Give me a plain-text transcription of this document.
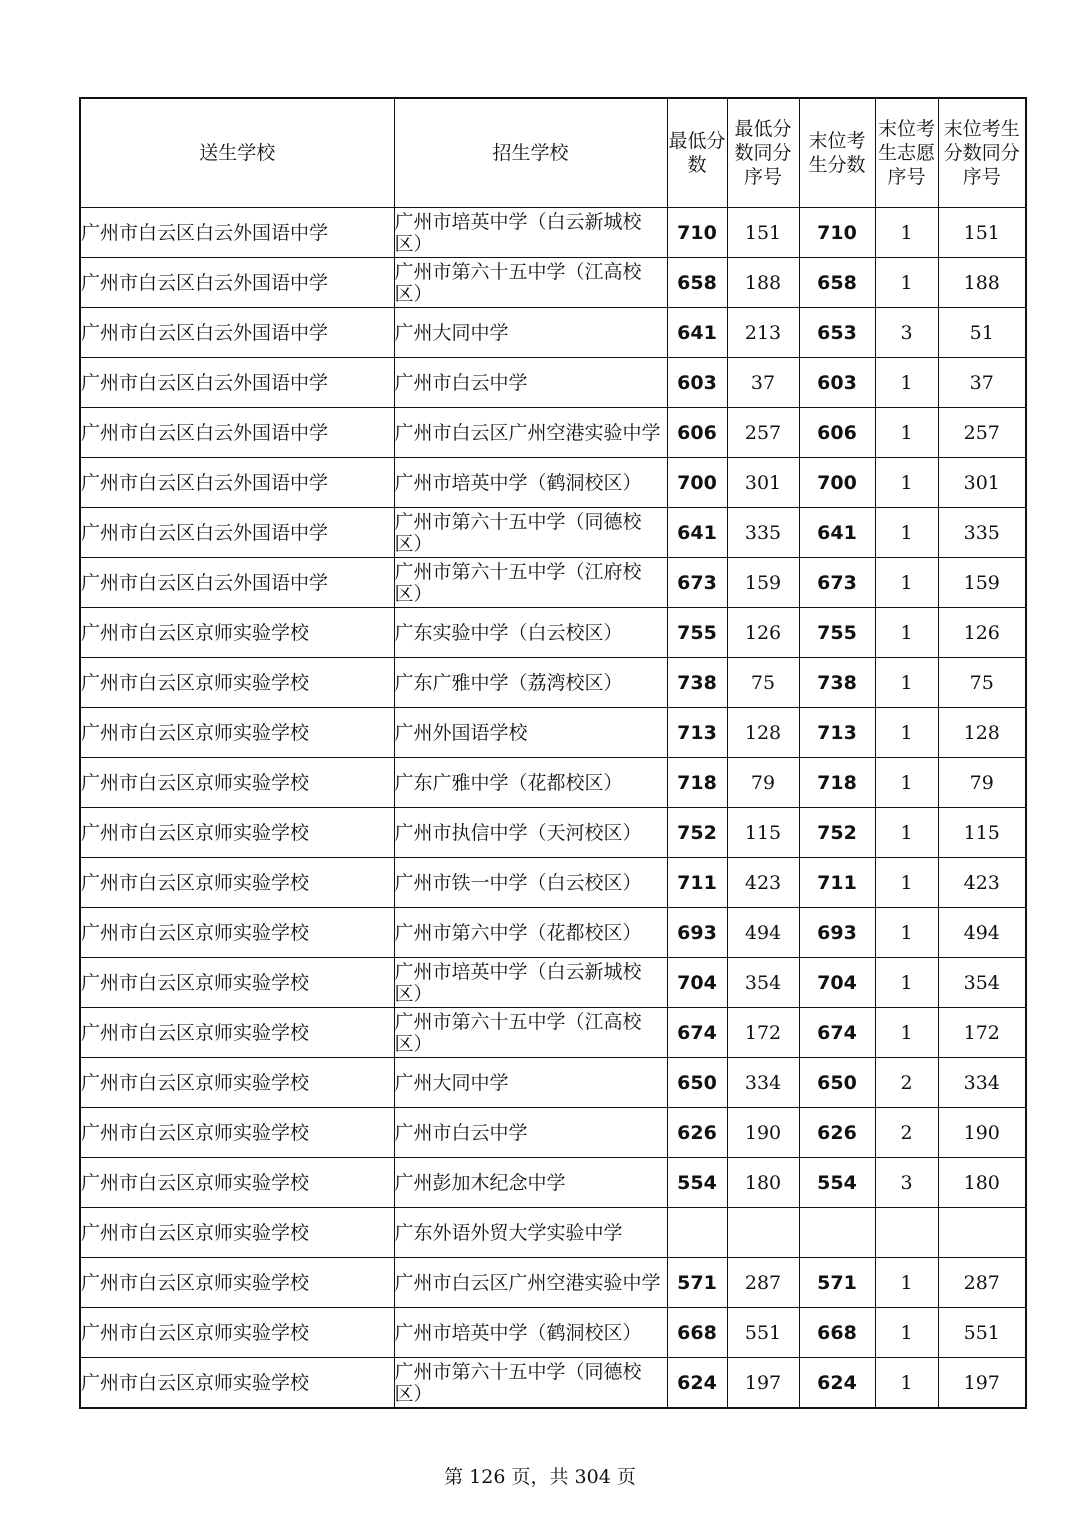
送生学校	招生学校	最低分数	最低分数同分序号	末位考生分数	末位考生志愿序号	末位考生分数同分序号
广州市白云区白云外国语中学	广州市培英中学（白云新城校区）	710	151	710	1	151
广州市白云区白云外国语中学	广州市第六十五中学（江高校区）	658	188	658	1	188
广州市白云区白云外国语中学	广州大同中学	641	213	653	3	51
广州市白云区白云外国语中学	广州市白云中学	603	37	603	1	37
广州市白云区白云外国语中学	广州市白云区广州空港实验中学	606	257	606	1	257
广州市白云区白云外国语中学	广州市培英中学（鹤洞校区）	700	301	700	1	301
广州市白云区白云外国语中学	广州市第六十五中学（同德校区）	641	335	641	1	335
广州市白云区白云外国语中学	广州市第六十五中学（江府校区）	673	159	673	1	159
广州市白云区京师实验学校	广东实验中学（白云校区）	755	126	755	1	126
广州市白云区京师实验学校	广东广雅中学（荔湾校区）	738	75	738	1	75
广州市白云区京师实验学校	广州外国语学校	713	128	713	1	128
广州市白云区京师实验学校	广东广雅中学（花都校区）	718	79	718	1	79
广州市白云区京师实验学校	广州市执信中学（天河校区）	752	115	752	1	115
广州市白云区京师实验学校	广州市铁一中学（白云校区）	711	423	711	1	423
广州市白云区京师实验学校	广州市第六中学（花都校区）	693	494	693	1	494
广州市白云区京师实验学校	广州市培英中学（白云新城校区）	704	354	704	1	354
广州市白云区京师实验学校	广州市第六十五中学（江高校区）	674	172	674	1	172
广州市白云区京师实验学校	广州大同中学	650	334	650	2	334
广州市白云区京师实验学校	广州市白云中学	626	190	626	2	190
广州市白云区京师实验学校	广州彭加木纪念中学	554	180	554	3	180
广州市白云区京师实验学校	广东外语外贸大学实验中学					
广州市白云区京师实验学校	广州市白云区广州空港实验中学	571	287	571	1	287
广州市白云区京师实验学校	广州市培英中学（鹤洞校区）	668	551	668	1	551
广州市白云区京师实验学校	广州市第六十五中学（同德校区）	624	197	624	1	197
第 126 页，共 304 页
